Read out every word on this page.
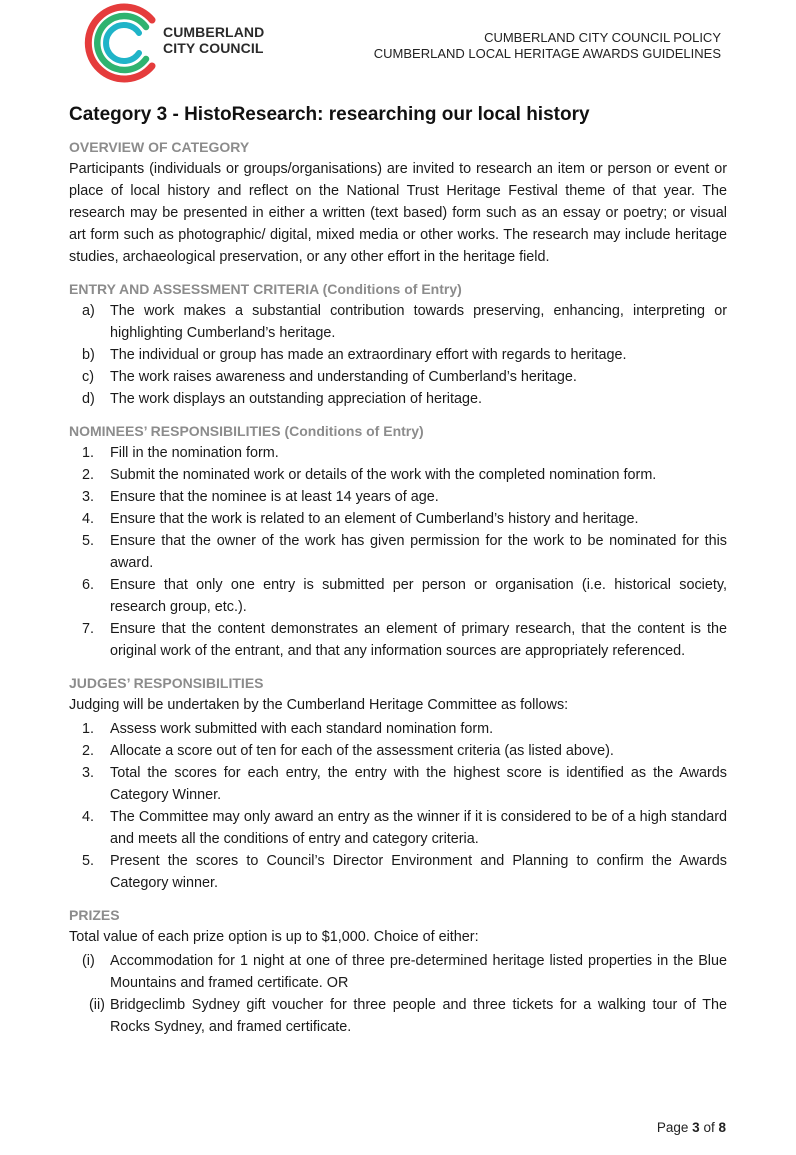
CUMBERLAND
CITY COUNCIL
CUMBERLAND CITY COUNCIL POLICY
CUMBERLAND LOCAL HERITAGE AWARDS GUIDELINES
Category 3 - HistoResearch: researching our local history
OVERVIEW OF CATEGORY

Participants (individuals or groups/organisations) are invited to research an item or person or event or place of local history and reflect on the National Trust Heritage Festival theme of that year. The research may be presented in either a written (text based) form such as an essay or poetry; or visual art form such as photographic/ digital, mixed media or other works. The research may include heritage studies, archaeological preservation, or any other effort in the heritage field.

ENTRY AND ASSESSMENT CRITERIA (Conditions of Entry)
a) The work makes a substantial contribution towards preserving, enhancing, interpreting or highlighting Cumberland’s heritage.
b) The individual or group has made an extraordinary effort with regards to heritage.
c) The work raises awareness and understanding of Cumberland’s heritage.
d) The work displays an outstanding appreciation of heritage.
NOMINEES’ RESPONSIBILITIES (Conditions of Entry)
1. Fill in the nomination form.
2. Submit the nominated work or details of the work with the completed nomination form.
3. Ensure that the nominee is at least 14 years of age.
4. Ensure that the work is related to an element of Cumberland’s history and heritage.
5. Ensure that the owner of the work has given permission for the work to be nominated for this award.
6. Ensure that only one entry is submitted per person or organisation (i.e. historical society, research group, etc.).
7. Ensure that the content demonstrates an element of primary research, that the content is the original work of the entrant, and that any information sources are appropriately referenced.
JUDGES’ RESPONSIBILITIES

Judging will be undertaken by the Cumberland Heritage Committee as follows:

1. Assess work submitted with each standard nomination form.
2. Allocate a score out of ten for each of the assessment criteria (as listed above).
3. Total the scores for each entry, the entry with the highest score is identified as the Awards Category Winner.
4. The Committee may only award an entry as the winner if it is considered to be of a high standard and meets all the conditions of entry and category criteria.
5. Present the scores to Council’s Director Environment and Planning to confirm the Awards Category winner.
PRIZES

Total value of each prize option is up to $1,000. Choice of either:

(i) Accommodation for 1 night at one of three pre-determined heritage listed properties in the Blue Mountains and framed certificate. OR
(ii) Bridgeclimb Sydney gift voucher for three people and three tickets for a walking tour of The Rocks Sydney, and framed certificate.
Page 3 of 8
